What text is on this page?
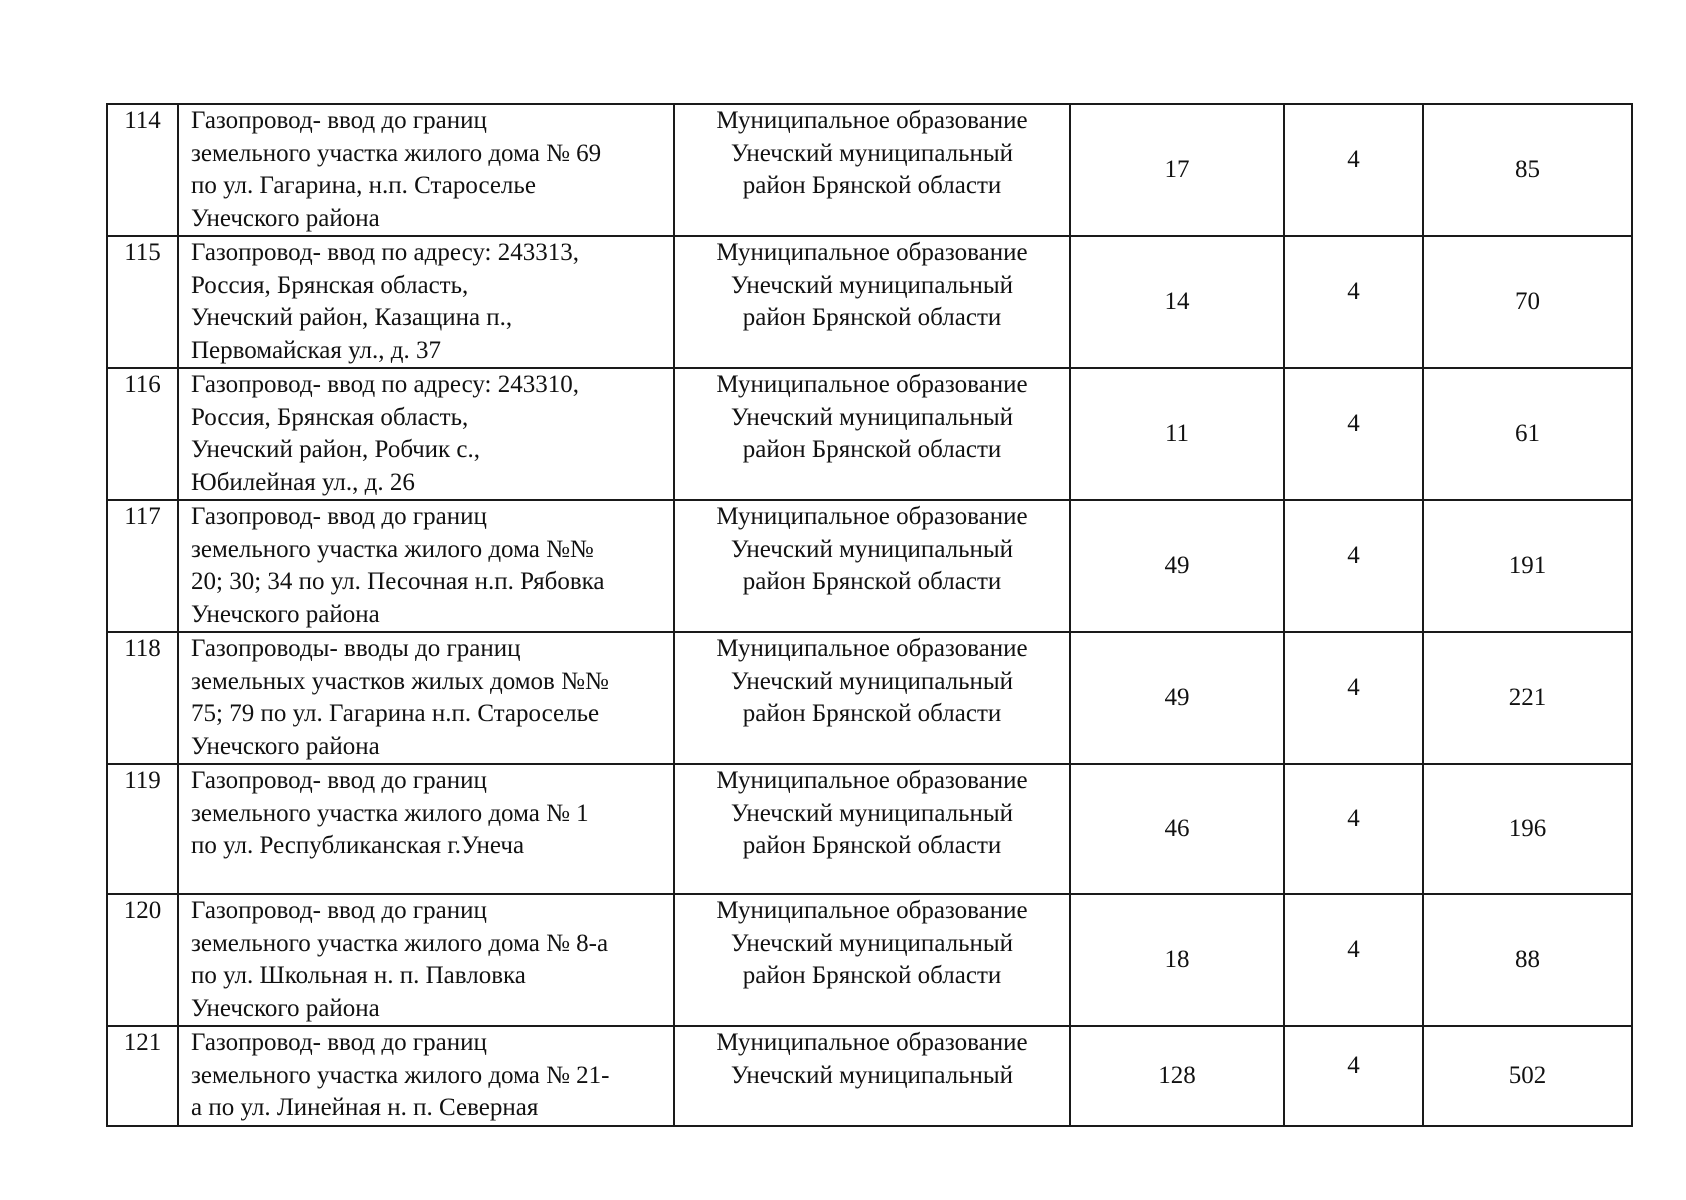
114	Газопровод- ввод до границ
земельного участка жилого дома № 69
по ул. Гагарина, н.п. Староселье
Унечского района	Муниципальное образование
Унечский муниципальный
район Брянской области	17	4	85
115	Газопровод- ввод по адресу: 243313,
Россия, Брянская область,
Унечский район, Казащина п.,
Первомайская ул., д. 37	Муниципальное образование
Унечский муниципальный
район Брянской области	14	4	70
116	Газопровод- ввод по адресу: 243310,
Россия, Брянская область,
Унечский район, Робчик с.,
Юбилейная ул., д. 26	Муниципальное образование
Унечский муниципальный
район Брянской области	11	4	61
117	Газопровод- ввод до границ
земельного участка жилого дома №№
20; 30; 34 по ул. Песочная н.п. Рябовка
Унечского района	Муниципальное образование
Унечский муниципальный
район Брянской области	49	4	191
118	Газопроводы- вводы до границ
земельных участков жилых домов №№
75; 79 по ул. Гагарина н.п. Староселье
Унечского района	Муниципальное образование
Унечский муниципальный
район Брянской области	49	4	221
119	Газопровод- ввод до границ
земельного участка жилого дома № 1
по ул. Республиканская г.Унеча	Муниципальное образование
Унечский муниципальный
район Брянской области	46	4	196
120	Газопровод- ввод до границ
земельного участка жилого дома № 8-а
по ул. Школьная н. п. Павловка
Унечского района	Муниципальное образование
Унечский муниципальный
район Брянской области	18	4	88
121	Газопровод- ввод до границ
земельного участка жилого дома № 21-
а по ул. Линейная н. п. Северная	Муниципальное образование
Унечский муниципальный	128	4	502
